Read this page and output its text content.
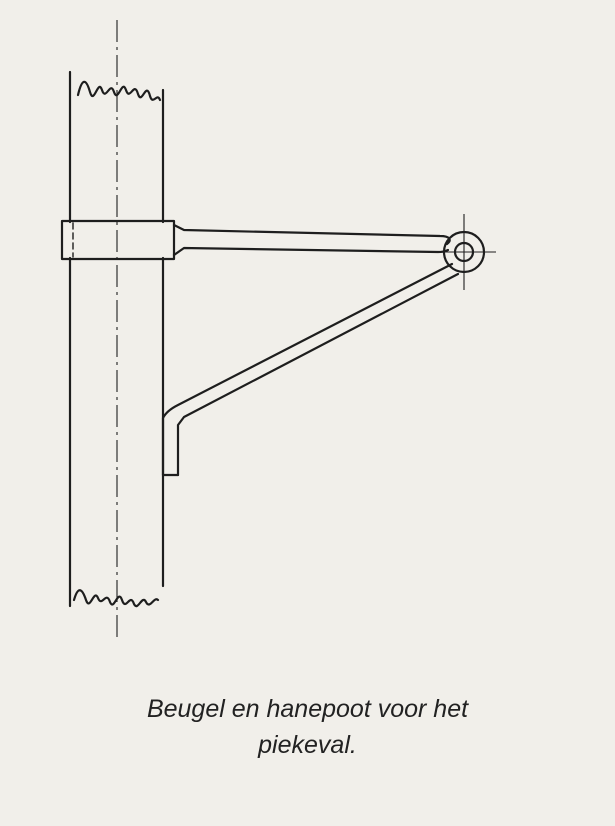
Beugel en hanepoot voor het
piekeval.
